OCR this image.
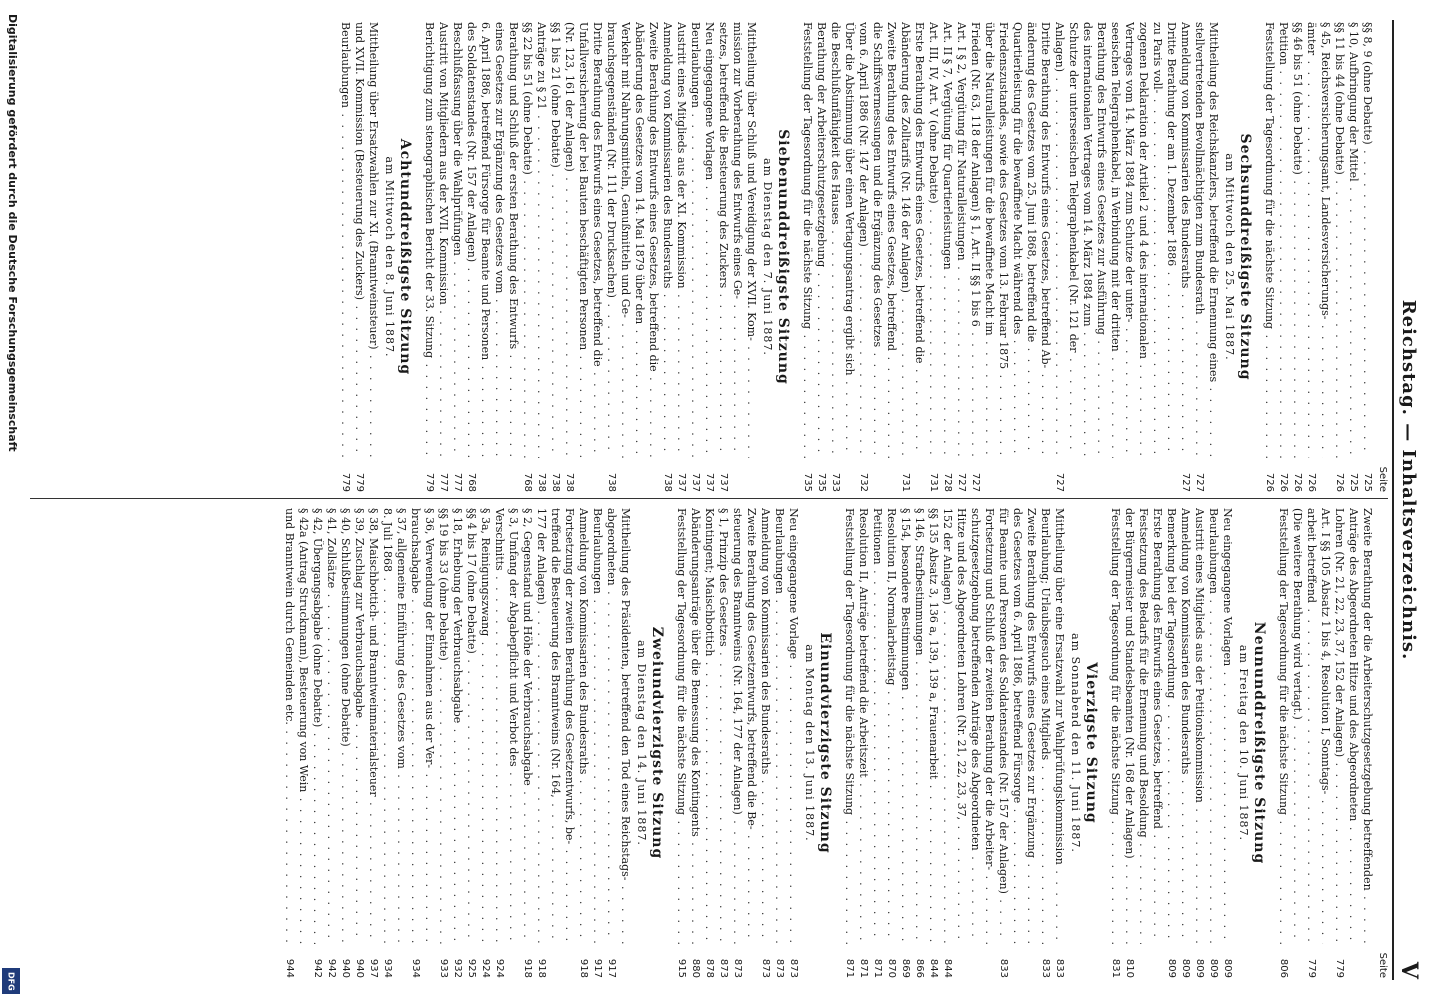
Reichstag. — Inhaltsverzeichnis.
V
Seite
§§ 8, 9 (ohne Debatte) . . .
725
§ 10, Aufbringung der Mittel . . .
725
§§ 11 bis 44 (ohne Debatte) . . .
726
§ 45, Reichsversicherungsamt, Landesversicherungs- . . .
ämter . . .
726
§§ 46 bis 51 (ohne Debatte) . . .
726
Petition . . .
726
Feststellung der Tagesordnung für die nächste Sitzung . . .
726
Sechsunddreißigste Sitzung
am Mittwoch den 25. Mai 1887.
Mittheilung des Reichskanzlers, betreffend die Ernennung eines . . .
stellvertretenden Bevollmächtigten zum Bundesrath . . .
727
Anmeldung von Kommissarien des Bundesraths . . .
727
Dritte Berathung der am 1. Dezember 1886 . . .
zu Paris voll- . . .
zogenen Deklaration der Artikel 2 und 4 des internationalen . . .
Vertrages vom 14. März 1884 zum Schutze der unter- . . .
seeischen Telegraphenkabel, in Verbindung mit der dritten . . .
Berathung des Entwurfs eines Gesetzes zur Ausführung . . .
des internationalen Vertrages vom 14. März 1884 zum . . .
Schutze der unterseeischen Telegraphenkabel (Nr. 121 der . . .
Anlagen) . . .
727
Dritte Berathung des Entwurfs eines Gesetzes, betreffend Ab- . . .
änderung des Gesetzes vom 25. Juni 1868, betreffend die . . .
Quartierleistung für die bewaffnete Macht während des . . .
Friedenszustandes, sowie des Gesetzes vom 13. Februar 1875 . . .
über die Naturalleistungen für die bewaffnete Macht im . . .
Frieden (Nr. 63, 118 der Anlagen) § 1, Art. II §§ 1 bis 6 . . .
727
Art. I § 2, Vergütung für Naturalleistungen . . .
727
Art. II § 7, Vergütung für Quartierleistungen . . .
728
Art. III, IV, Art. V (ohne Debatte) . . .
731
Erste Berathung des Entwurfs eines Gesetzes, betreffend die . . .
Abänderung des Zolltarifs (Nr. 146 der Anlagen) . . .
731
Zweite Berathung des Entwurfs eines Gesetzes, betreffend . . .
die Schiffsvermessungen und die Ergänzung des Gesetzes . . .
vom 6. April 1886 (Nr. 147 der Anlagen) . . .
732
Über die Abstimmung über einen Vertagungsantrag ergibt sich . . .
die Beschlußunfähigkeit des Hauses . . .
733
Berathung der Arbeiterschutzgesetzgebung . . .
735
Feststellung der Tagesordnung für die nächste Sitzung . . .
735
Siebenunddreißigste Sitzung
am Dienstag den 7. Juni 1887.
Mittheilung über Schluß und Vereidigung der XVII. Kom- . . .
mission zur Vorberathung des Entwurfs eines Ge- . . .
setzes, betreffend die Besteuerung des Zuckers . . .
737
Neu eingegangene Vorlagen . . .
737
Beurlaubungen . . .
737
Austritt eines Mitglieds aus der XI. Kommission . . .
737
Anmeldung von Kommissarien des Bundesraths . . .
738
Zweite Berathung des Entwurfs eines Gesetzes, betreffend die . . .
Abänderung des Gesetzes vom 14. Mai 1879 über den . . .
Verkehr mit Nahrungsmitteln, Genußmitteln und Ge- . . .
brauchsgegenständen (Nr. 111 der Drucksachen) . . .
738
Dritte Berathung des Entwurfs eines Gesetzes, betreffend die . . .
Unfallversicherung der bei Bauten beschäftigten Personen . . .
(Nr. 123, 161 der Anlagen) . . .
738
§§ 1 bis 21 (ohne Debatte) . . .
738
Anträge zu § 21 . . .
738
§§ 22 bis 51 (ohne Debatte) . . .
768
Berathung und Schluß der ersten Berathung des Entwurfs . . .
eines Gesetzes zur Ergänzung des Gesetzes vom . . .
6. April 1886, betreffend Fürsorge für Beamte und Personen . . .
des Soldatenstandes (Nr. 157 der Anlagen) . . .
768
Beschlußfassung über die Wahlprüfungen . . .
777
Austritt von Mitgliedern aus der XVII. Kommission . . .
777
Berichtigung zum stenographischen Bericht der 33. Sitzung . . .
779
Achtunddreißigste Sitzung
am Mittwoch den 8. Juni 1887.
Mittheilung über Ersatzwahlen zur XI. (Branntweinsteuer) . . .
und XVII. Kommission (Besteuerung des Zuckers) . . .
779
Beurlaubungen . . .
779
Seite
Zweite Berathung der die Arbeiterschutzgesetzgebung betreffenden . . .
Anträge des Abgeordneten Hitze und des Abgeordneten . . .
Lohren (Nr. 21, 22, 23, 37, 152 der Anlagen) . . .
779
Art. I §§ 105 Absatz 1 bis 4, Resolution I, Sonntags- . . .
arbeit betreffend . . .
779
(Die weitere Berathung wird vertagt.) . . .
Feststellung der Tagesordnung für die nächste Sitzung . . .
806
Neununddreißigste Sitzung
am Freitag den 10. Juni 1887.
Neu eingegangene Vorlagen . . .
809
Beurlaubungen . . .
809
Austritt eines Mitglieds aus der Petitionskommission . . .
809
Anmeldung von Kommissarien des Bundesraths . . .
809
Bemerkung bei der Tagesordnung . . .
809
Erste Berathung des Entwurfs eines Gesetzes, betreffend . . .
Festsetzung des Bedarfs für die Ernennung und Besoldung . . .
der Bürgermeister und Standesbeamten (Nr. 168 der Anlagen) . . .
810
Feststellung der Tagesordnung für die nächste Sitzung . . .
831
Vierzigste Sitzung
am Sonnabend den 11. Juni 1887.
Mittheilung über eine Ersatzwahl zur Wahlprüfungskommission . . .
833
Beurlaubung; Urlaubsgesuch eines Mitglieds . . .
833
Zweite Berathung des Entwurfs eines Gesetzes zur Ergänzung . . .
des Gesetzes vom 6. April 1886, betreffend Fürsorge . . .
für Beamte und Personen des Soldatenstandes (Nr. 157 der Anlagen) . . .
833
Fortsetzung und Schluß der zweiten Berathung der die Arbeiter- . . .
schutzgesetzgebung betreffenden Anträge des Abgeordneten . . .
Hitze und des Abgeordneten Lohren (Nr. 21, 22, 23, 37, . . .
152 der Anlagen) . . .
844
§§ 135 Absatz 3, 136 a, 139, 139 a, Frauenarbeit . . .
844
§ 146, Strafbestimmungen . . .
866
§ 154, besondere Bestimmungen . . .
869
Resolution II, Normalarbeitstag . . .
870
Petitionen . . .
871
Resolution II, Anträge betreffend die Arbeitszeit . . .
871
Feststellung der Tagesordnung für die nächste Sitzung . . .
871
Einundvierzigste Sitzung
am Montag den 13. Juni 1887.
Neu eingegangene Vorlage . . .
873
Beurlaubungen . . .
873
Anmeldung von Kommissarien des Bundesraths . . .
873
Zweite Berathung des Gesetzentwurfs, betreffend die Be- . . .
steuerung des Branntweins (Nr. 164, 177 der Anlagen) . . .
873
§ 1, Prinzip des Gesetzes . . .
873
Kontingent; Maischbottich . . .
878
Abänderungsanträge über die Bemessung des Kontingents . . .
880
Feststellung der Tagesordnung für die nächste Sitzung . . .
915
Zweiundvierzigste Sitzung
am Dienstag den 14. Juni 1887.
Mittheilung des Präsidenten, betreffend den Tod eines Reichstags- . . .
abgeordneten . . .
917
Beurlaubungen . . .
917
Anmeldung von Kommissarien des Bundesraths . . .
918
Fortsetzung der zweiten Berathung des Gesetzentwurfs, be- . . .
treffend die Besteuerung des Branntweins (Nr. 164, . . .
177 der Anlagen) . . .
918
§ 2, Gegenstand und Höhe der Verbrauchsabgabe . . .
918
§ 3, Umfang der Abgabepflicht und Verbot des . . .
Verschnitts . . .
924
§ 3a, Reinigungszwang . . .
924
§§ 4 bis 17 (ohne Debatte) . . .
925
§ 18, Erhebung der Verbrauchsabgabe . . .
932
§§ 19 bis 33 (ohne Debatte) . . .
933
§ 36, Verwendung der Einnahmen aus der Ver- . . .
brauchsabgabe . . .
934
§ 37, allgemeine Einführung des Gesetzes vom . . .
8. Juli 1868 . . .
934
§ 38, Maischbottich- und Branntweinmaterialsteuer . . .
937
§ 39, Zuschlag zur Verbrauchsabgabe . . .
940
§ 40, Schlußbestimmungen (ohne Debatte) . . .
940
§ 41, Zollsätze . . .
942
§ 42, Übergangsabgabe (ohne Debatte) . . .
942
§ 42a (Antrag Struckmann), Besteuerung von Wein . . .
und Branntwein durch Gemeinden etc. . . .
944
Digitalisierung gefördert durch die Deutsche Forschungsgemeinschaft
DFG
